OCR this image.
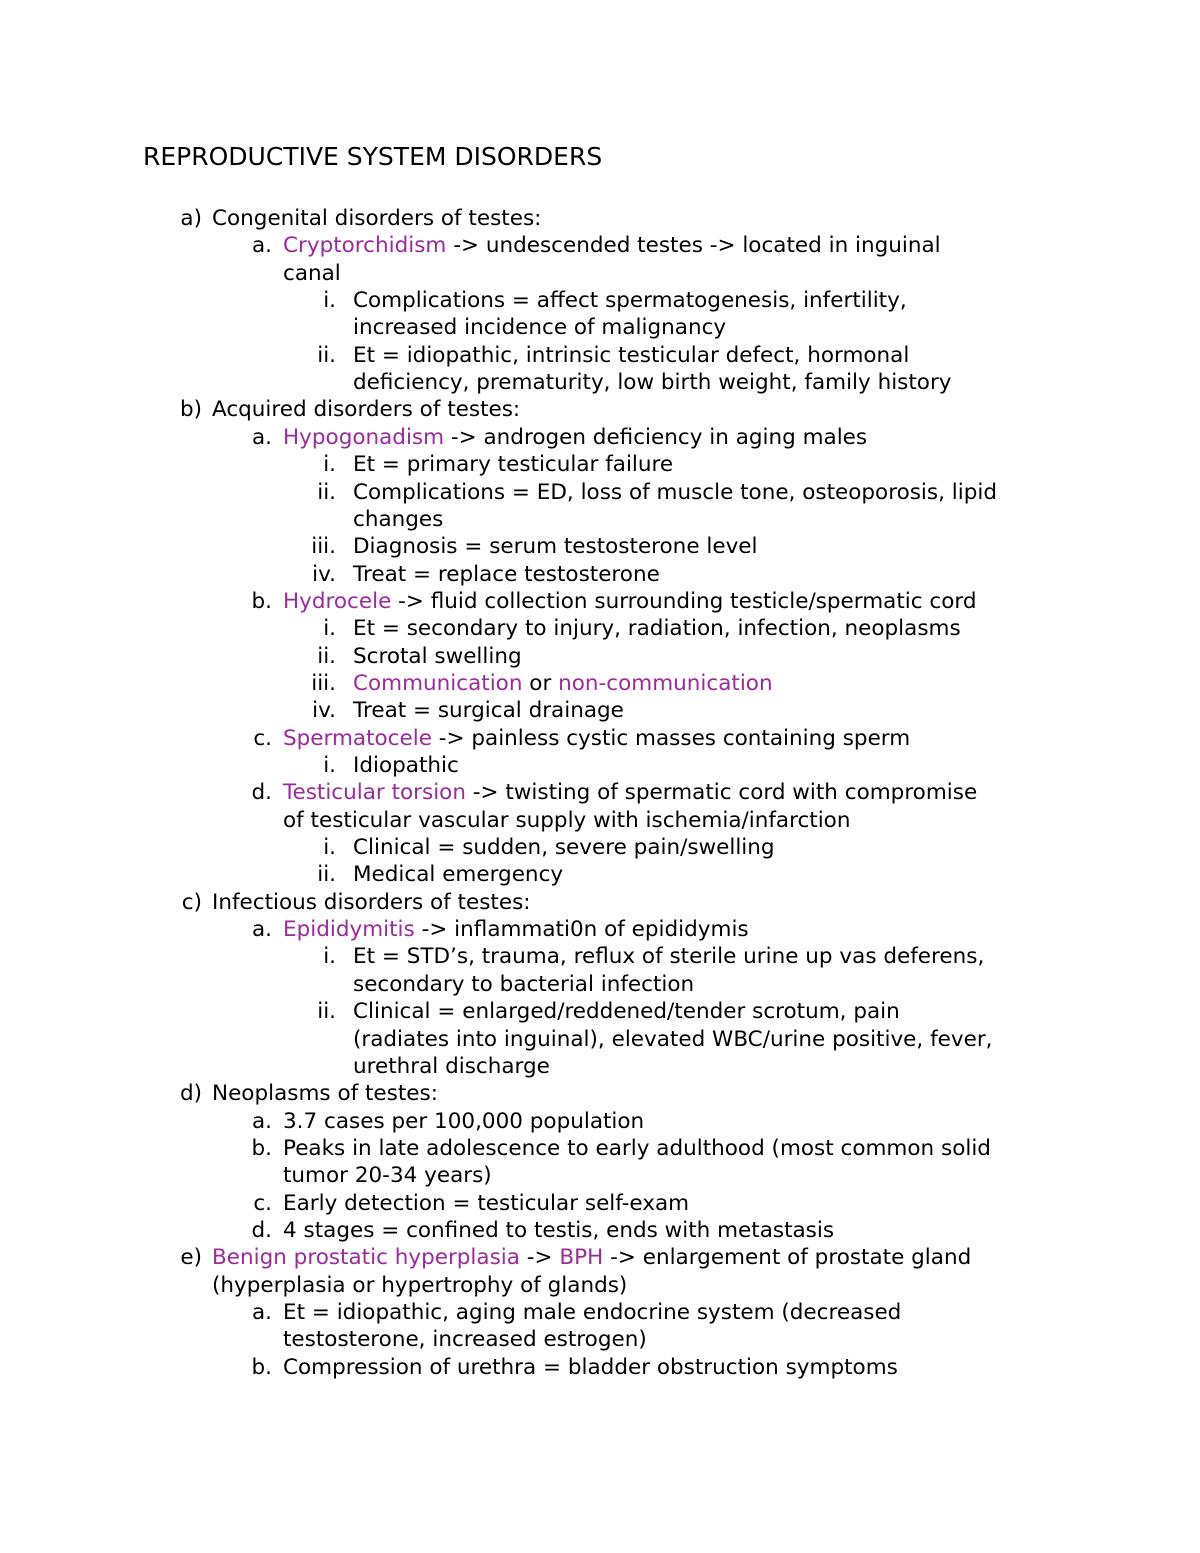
REPRODUCTIVE SYSTEM DISORDERS
a) Congenital disorders of testes:
a. Cryptorchidism -> undescended testes -> located in inguinal
canal
i. Complications = affect spermatogenesis, infertility,
increased incidence of malignancy
ii. Et = idiopathic, intrinsic testicular defect, hormonal
deficiency, prematurity, low birth weight, family history
b) Acquired disorders of testes:
a. Hypogonadism -> androgen deficiency in aging males
i. Et = primary testicular failure
ii. Complications = ED, loss of muscle tone, osteoporosis, lipid
changes
iii. Diagnosis = serum testosterone level
iv. Treat = replace testosterone
b. Hydrocele -> fluid collection surrounding testicle/spermatic cord
i. Et = secondary to injury, radiation, infection, neoplasms
ii. Scrotal swelling
iii. Communication or non-communication
iv. Treat = surgical drainage
c. Spermatocele -> painless cystic masses containing sperm
i. Idiopathic
d. Testicular torsion -> twisting of spermatic cord with compromise
of testicular vascular supply with ischemia/infarction
i. Clinical = sudden, severe pain/swelling
ii. Medical emergency
c) Infectious disorders of testes:
a. Epididymitis -> inflammati0n of epididymis
i. Et = STD’s, trauma, reflux of sterile urine up vas deferens,
secondary to bacterial infection
ii. Clinical = enlarged/reddened/tender scrotum, pain
(radiates into inguinal), elevated WBC/urine positive, fever,
urethral discharge
d) Neoplasms of testes:
a. 3.7 cases per 100,000 population
b. Peaks in late adolescence to early adulthood (most common solid
tumor 20-34 years)
c. Early detection = testicular self-exam
d. 4 stages = confined to testis, ends with metastasis
e) Benign prostatic hyperplasia -> BPH -> enlargement of prostate gland
(hyperplasia or hypertrophy of glands)
a. Et = idiopathic, aging male endocrine system (decreased
testosterone, increased estrogen)
b. Compression of urethra = bladder obstruction symptoms
